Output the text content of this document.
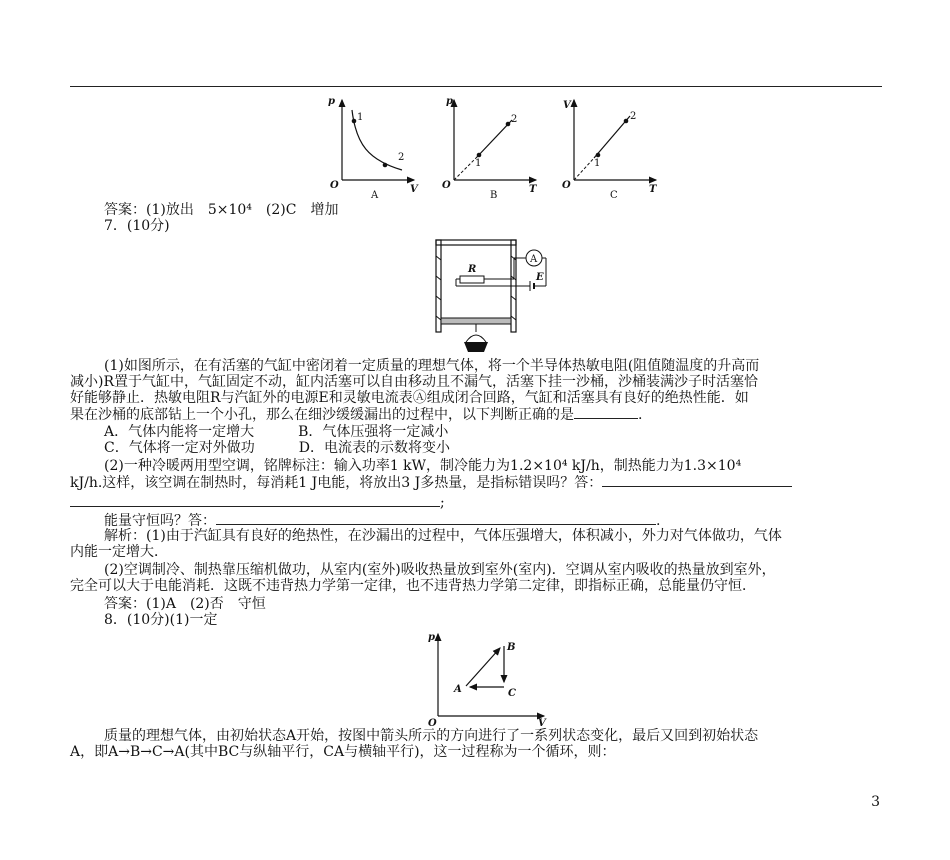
p
V
O
1
2
A
p
T
O
1
2
B
V
T
O
1
2
C
答案：(1)放出　5×10⁴　(2)C　增加
7．(10分)
R
A
E
(1)如图所示，在有活塞的气缸中密闭着一定质量的理想气体，将一个半导体热敏电阻(阻值随温度的升高而
减小)R置于气缸中，气缸固定不动，缸内活塞可以自由移动且不漏气，活塞下挂一沙桶，沙桶装满沙子时活塞恰
好能够静止．热敏电阻R与汽缸外的电源E和灵敏电流表Ⓐ组成闭合回路，气缸和活塞具有良好的绝热性能．如
果在沙桶的底部钻上一个小孔，那么在细沙缓缓漏出的过程中，以下判断正确的是	.
A．气体内能将一定增大	B．气体压强将一定减小
C．气体将一定对外做功	D．电流表的示数将变小
(2)一种冷暖两用型空调，铭牌标注：输入功率1 kW，制冷能力为1.2×10⁴ kJ/h，制热能力为1.3×10⁴
kJ/h.这样，该空调在制热时，每消耗1 J电能，将放出3 J多热量，是指标错误吗？答：
;
能量守恒吗？答：	.
解析：(1)由于汽缸具有良好的绝热性，在沙漏出的过程中，气体压强增大，体积减小，外力对气体做功，气体
内能一定增大．
(2)空调制冷、制热靠压缩机做功，从室内(室外)吸收热量放到室外(室内)．空调从室内吸收的热量放到室外，
完全可以大于电能消耗．这既不违背热力学第一定律，也不违背热力学第二定律，即指标正确，总能量仍守恒．
答案：(1)A　(2)否　守恒
8．(10分)(1)一定
p
V
O
A
B
C
质量的理想气体，由初始状态A开始，按图中箭头所示的方向进行了一系列状态变化，最后又回到初始状态
A，即A→B→C→A(其中BC与纵轴平行，CA与横轴平行)，这一过程称为一个循环，则：
3
